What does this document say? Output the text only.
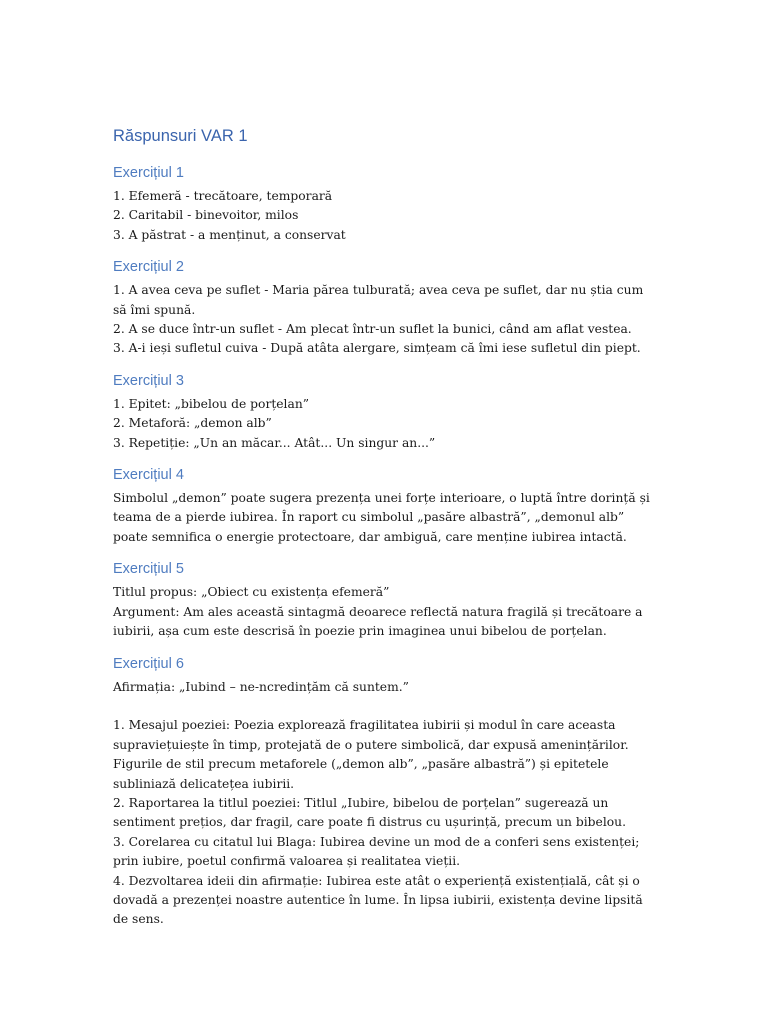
Răspunsuri VAR 1
Exercițiul 1

1. Efemeră - trecătoare, temporară

2. Caritabil - binevoitor, milos

3. A păstrat - a menținut, a conservat

Exercițiul 2

1. A avea ceva pe suflet - Maria părea tulburată; avea ceva pe suflet, dar nu știa cum să îmi spună.

2. A se duce într-un suflet - Am plecat într-un suflet la bunici, când am aflat vestea.

3. A-i ieși sufletul cuiva - După atâta alergare, simțeam că îmi iese sufletul din piept.

Exercițiul 3

1. Epitet: „bibelou de porțelan”

2. Metaforă: „demon alb”

3. Repetiție: „Un an măcar... Atât... Un singur an...”

Exercițiul 4

Simbolul „demon” poate sugera prezența unei forțe interioare, o luptă între dorință și teama de a pierde iubirea. În raport cu simbolul „pasăre albastră”, „demonul alb” poate semnifica o energie protectoare, dar ambiguă, care menține iubirea intactă.

Exercițiul 5

Titlul propus: „Obiect cu existența efemeră”

Argument: Am ales această sintagmă deoarece reflectă natura fragilă și trecătoare a iubirii, așa cum este descrisă în poezie prin imaginea unui bibelou de porțelan.

Exercițiul 6

Afirmația: „Iubind – ne-ncredințăm că suntem.”

1. Mesajul poeziei: Poezia explorează fragilitatea iubirii și modul în care aceasta supraviețuiește în timp, protejată de o putere simbolică, dar expusă amenințărilor. Figurile de stil precum metaforele („demon alb”, „pasăre albastră”) și epitetele subliniază delicatețea iubirii.

2. Raportarea la titlul poeziei: Titlul „Iubire, bibelou de porțelan” sugerează un sentiment prețios, dar fragil, care poate fi distrus cu ușurință, precum un bibelou.

3. Corelarea cu citatul lui Blaga: Iubirea devine un mod de a conferi sens existenței; prin iubire, poetul confirmă valoarea și realitatea vieții.

4. Dezvoltarea ideii din afirmație: Iubirea este atât o experiență existențială, cât și o dovadă a prezenței noastre autentice în lume. În lipsa iubirii, existența devine lipsită de sens.
